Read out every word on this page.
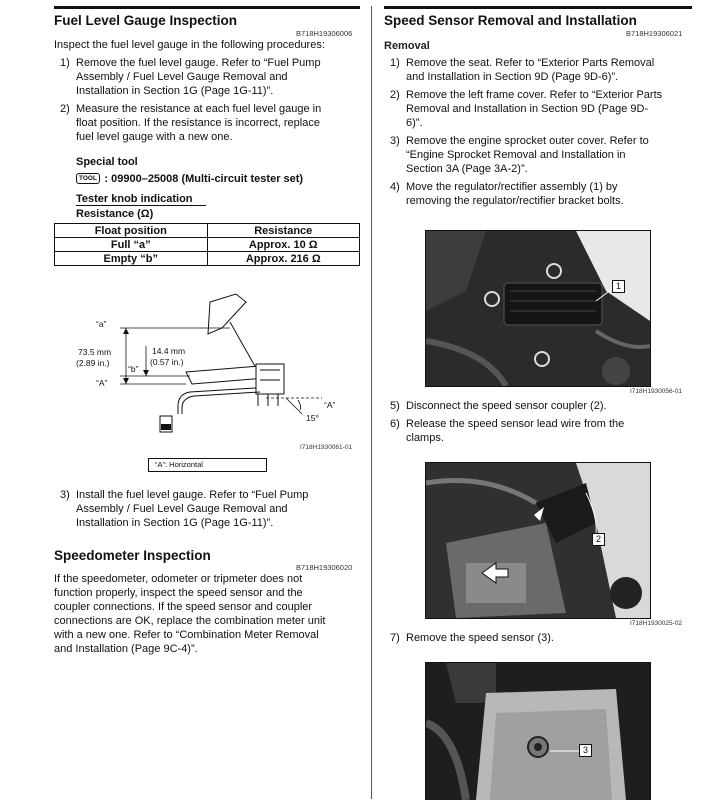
Fuel Level Gauge Inspection
B718H19306006

Inspect the fuel level gauge in the following procedures:

1) Remove the fuel level gauge. Refer to “Fuel Pump
Assembly / Fuel Level Gauge Removal and
Installation in Section 1G (Page 1G-11)”.
2) Measure the resistance at each fuel level gauge in
float position. If the resistance is incorrect, replace
fuel level gauge with a new one.
Special tool
TOOL : 09900–25008 (Multi-circuit tester set)
Tester knob indication
Resistance (Ω)
Float position	Resistance
Full “a”	Approx. 10 Ω
Empty “b”	Approx. 216 Ω
“a”
73.5 mm
(2.89 in.)
14.4 mm
(0.57 in.)
“b”
“A”
“A”
15°
I718H1930061-01
“A”: Horizontal
3) Install the fuel level gauge. Refer to “Fuel Pump
Assembly / Fuel Level Gauge Removal and
Installation in Section 1G (Page 1G-11)”.
Speedometer Inspection
B718H19306020
If the speedometer, odometer or tripmeter does not
function properly, inspect the speed sensor and the
coupler connections. If the speed sensor and coupler
connections are OK, replace the combination meter unit
with a new one. Refer to “Combination Meter Removal
and Installation (Page 9C-4)”.
Speed Sensor Removal and Installation
B718H19306021
Removal
1) Remove the seat. Refer to “Exterior Parts Removal
and Installation in Section 9D (Page 9D-6)”.
2) Remove the left frame cover. Refer to “Exterior Parts
Removal and Installation in Section 9D (Page 9D-
6)”.
3) Remove the engine sprocket outer cover. Refer to
“Engine Sprocket Removal and Installation in
Section 3A (Page 3A-2)”.
4) Move the regulator/rectifier assembly (1) by
removing the regulator/rectifier bracket bolts.
1
I718H1930056-01
5) Disconnect the speed sensor coupler (2).
6) Release the speed sensor lead wire from the
clamps.
2
I718H1930025-02
7) Remove the speed sensor (3).
3
